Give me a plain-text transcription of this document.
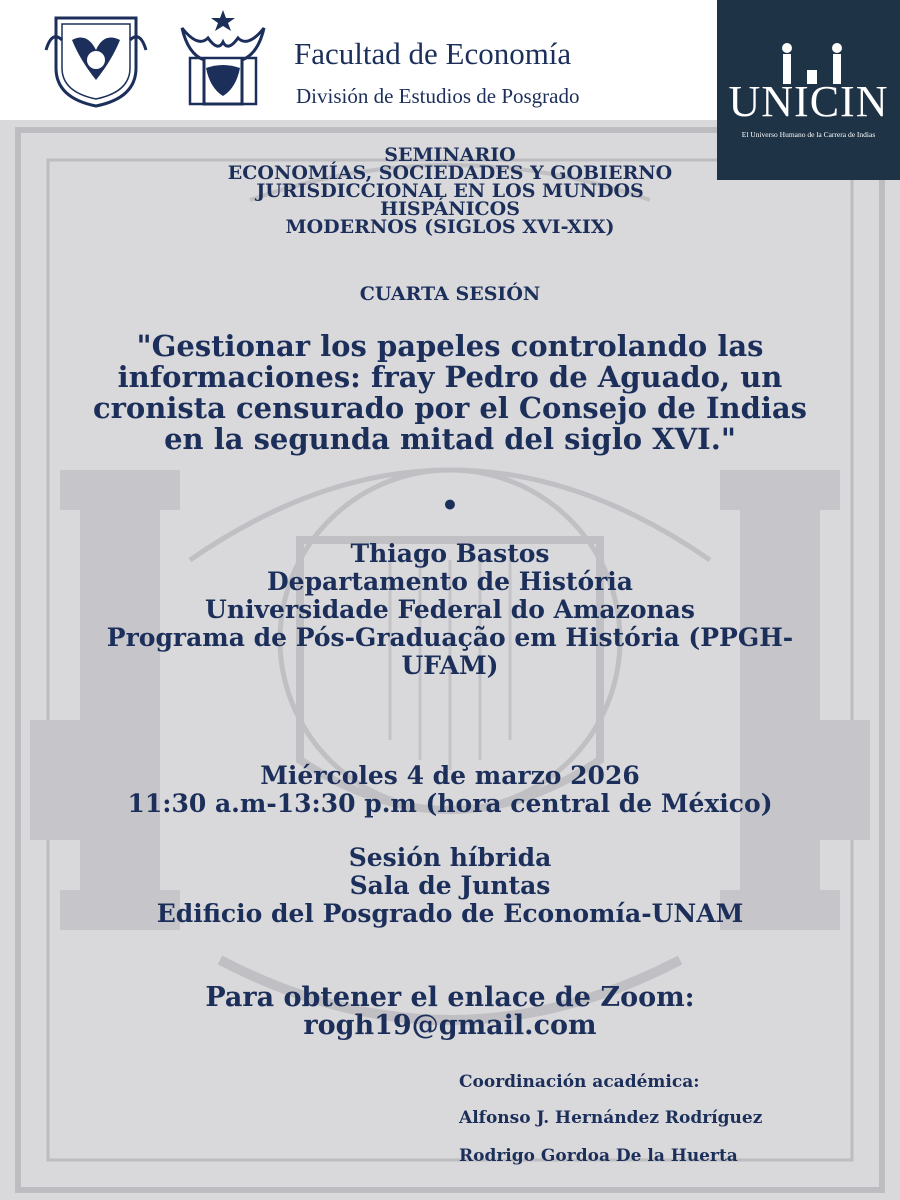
Facultad de Economía
División de Estudios de Posgrado	UNICIN
El Universo Humano de la Carrera de Indias
SEMINARIO
ECONOMÍAS, SOCIEDADES Y GOBIERNO
JURISDICCIONAL EN LOS MUNDOS
HISPÁNICOS
MODERNOS (SIGLOS XVI-XIX)
CUARTA SESIÓN
"Gestionar los papeles controlando las
informaciones: fray Pedro de Aguado, un
cronista censurado por el Consejo de Indias
en la segunda mitad del siglo XVI."
•
Thiago Bastos
Departamento de História
Universidade Federal do Amazonas
Programa de Pós-Graduação em História (PPGH-
UFAM)
Miércoles 4 de marzo 2026
11:30 a.m-13:30 p.m (hora central de México)
Sesión híbrida
Sala de Juntas
Edificio del Posgrado de Economía-UNAM
Para obtener el enlace de Zoom:
rogh19@gmail.com
Coordinación académica:
Alfonso J. Hernández Rodríguez
Rodrigo Gordoa De la Huerta
